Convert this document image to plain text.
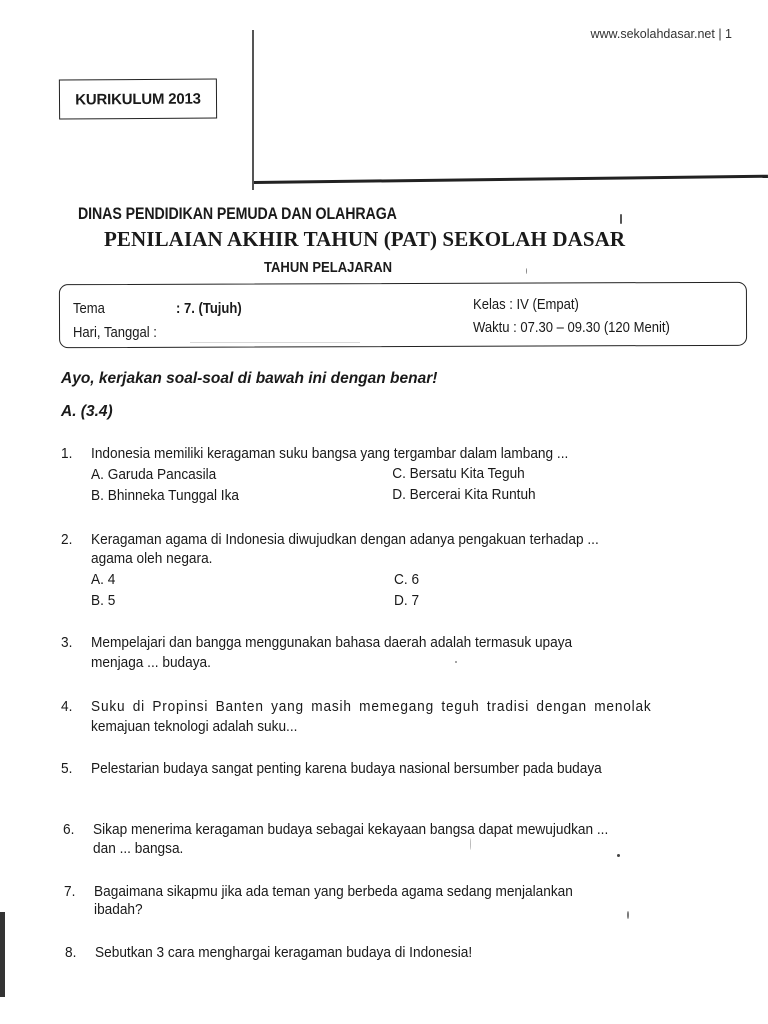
www.sekolahdasar.net | 1
KURIKULUM 2013
DINAS PENDIDIKAN PEMUDA DAN OLAHRAGA
PENILAIAN AKHIR TAHUN (PAT) SEKOLAH DASAR
TAHUN PELAJARAN
Tema	: 7. (Tujuh)
Hari, Tanggal :
Kelas : IV (Empat)
Waktu : 07.30 – 09.30 (120 Menit)
Ayo, kerjakan soal-soal di bawah ini dengan benar!
A. (3.4)
1. Indonesia memiliki keragaman suku bangsa yang tergambar dalam lambang ...
A. Garuda Pancasila
B. Bhinneka Tunggal Ika
C. Bersatu Kita Teguh
D. Bercerai Kita Runtuh
2. Keragaman agama di Indonesia diwujudkan dengan adanya pengakuan terhadap ...
agama oleh negara.
A. 4
B. 5
C. 6
D. 7
3. Mempelajari dan bangga menggunakan bahasa daerah adalah termasuk upaya
menjaga ... budaya.
4. Suku di Propinsi Banten yang masih memegang teguh tradisi dengan menolak
kemajuan teknologi adalah suku...
5. Pelestarian budaya sangat penting karena budaya nasional bersumber pada budaya
6. Sikap menerima keragaman budaya sebagai kekayaan bangsa dapat mewujudkan ...
dan ... bangsa.
7. Bagaimana sikapmu jika ada teman yang berbeda agama sedang menjalankan
ibadah?
8. Sebutkan 3 cara menghargai keragaman budaya di Indonesia!
